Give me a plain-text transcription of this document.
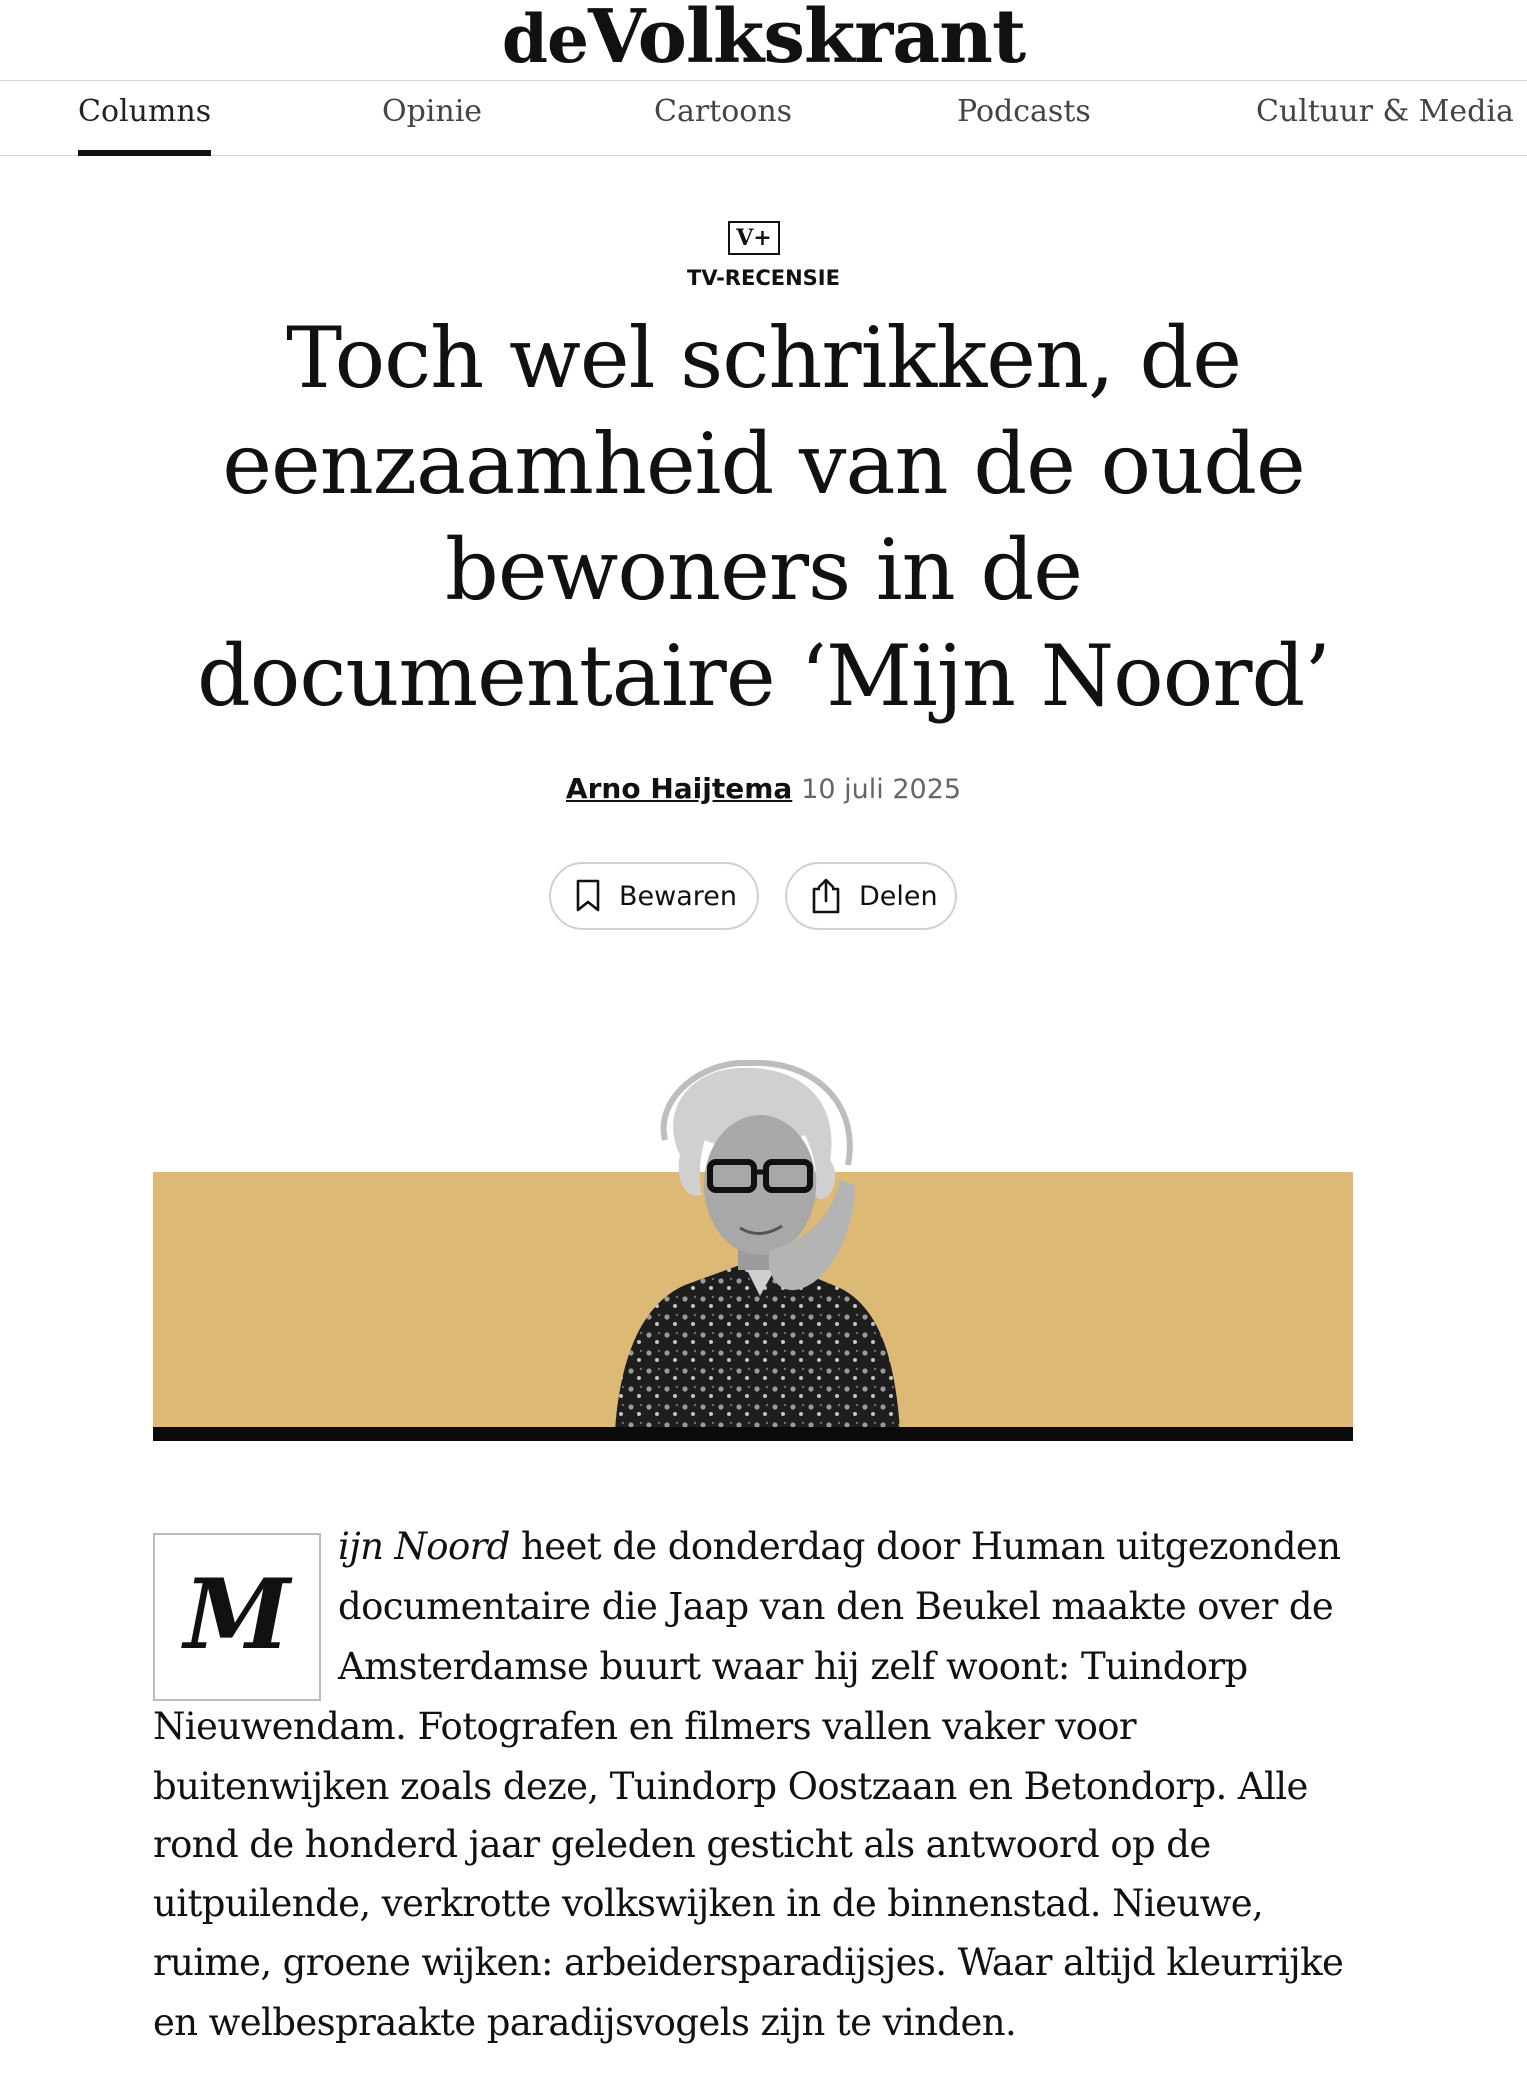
deVolkskrant
Columns	Opinie	Cartoons	Podcasts	Cultuur & Media
V+
TV-RECENSIE
Toch wel schrikken, de eenzaamheid van de oude bewoners in de documentaire ‘Mijn Noord’
Arno Haijtema 10 juli 2025
Bewaren	Delen
M
ijn Noord heet de donderdag door Human uitgezonden
documentaire die Jaap van den Beukel maakte over de
Amsterdamse buurt waar hij zelf woont: Tuindorp
Nieuwendam. Fotografen en filmers vallen vaker voor
buitenwijken zoals deze, Tuindorp Oostzaan en Betondorp. Alle
rond de honderd jaar geleden gesticht als antwoord op de
uitpuilende, verkrotte volkswijken in de binnenstad. Nieuwe,
ruime, groene wijken: arbeidersparadijsjes. Waar altijd kleurrijke
en welbespraakte paradijsvogels zijn te vinden.
